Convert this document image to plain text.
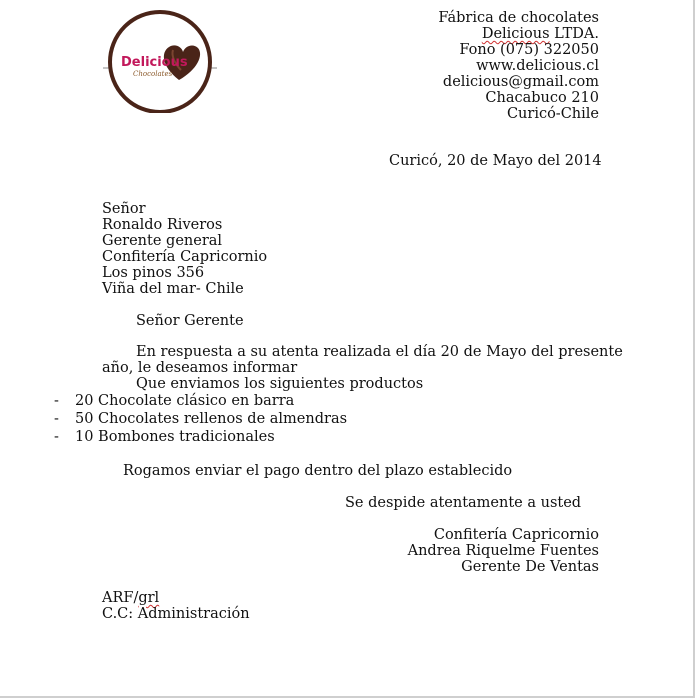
Delicious
Chocolates
Fábrica de chocolates
Delicious LTDA.
Fono (075) 322050
www.delicious.cl
delicious@gmail.com
Chacabuco 210
Curicó-Chile
Curicó, 20 de Mayo del 2014
Señor
Ronaldo Riveros
Gerente general
Confitería Capricornio
Los pinos 356
Viña del mar- Chile
Señor Gerente
En respuesta a su atenta realizada el día 20 de Mayo del presente
año, le deseamos informar
Que enviamos los siguientes productos
- 20 Chocolate clásico en barra
- 50 Chocolates rellenos de almendras
- 10 Bombones tradicionales
Rogamos enviar el pago dentro del plazo establecido
Se despide atentamente a usted
Confitería Capricornio
Andrea Riquelme Fuentes
Gerente De Ventas
ARF/grl
C.C: Administración
